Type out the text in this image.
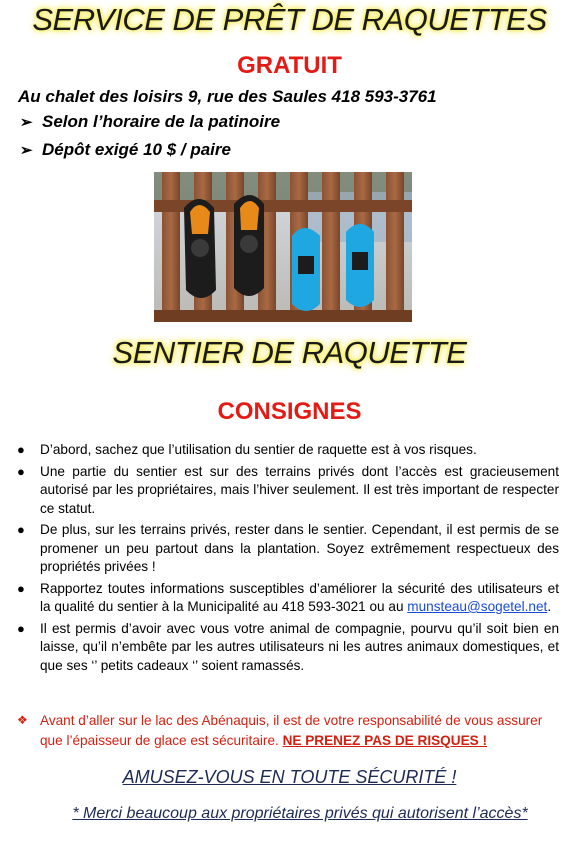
SERVICE DE PRÊT DE RAQUETTES
GRATUIT
Au chalet des loisirs 9, rue des Saules 418 593-3761
➢ Selon l’horaire de la patinoire
➢ Dépôt exigé 10 $ / paire
SENTIER DE RAQUETTE
CONSIGNES
● D’abord, sachez que l’utilisation du sentier de raquette est à vos risques.
● Une partie du sentier est sur des terrains privés dont l’accès est gracieusement autorisé par les propriétaires, mais l’hiver seulement. Il est très important de respecter ce statut.
● De plus, sur les terrains privés, rester dans le sentier. Cependant, il est permis de se promener un peu partout dans la plantation. Soyez extrêmement respectueux des propriétés privées !
● Rapportez toutes informations susceptibles d’améliorer la sécurité des utilisateurs et la qualité du sentier à la Municipalité au 418 593-3021 ou au munsteau@sogetel.net.
● Il est permis d’avoir avec vous votre animal de compagnie, pourvu qu’il soit bien en laisse, qu’il n’embête par les autres utilisateurs ni les autres animaux domestiques, et que ses ‘’ petits cadeaux ‘’ soient ramassés.
❖ Avant d’aller sur le lac des Abénaquis, il est de votre responsabilité de vous assurer que l’épaisseur de glace est sécuritaire. NE PRENEZ PAS DE RISQUES !
AMUSEZ-VOUS EN TOUTE SÉCURITÉ !
* Merci beaucoup aux propriétaires privés qui autorisent l’accès*
